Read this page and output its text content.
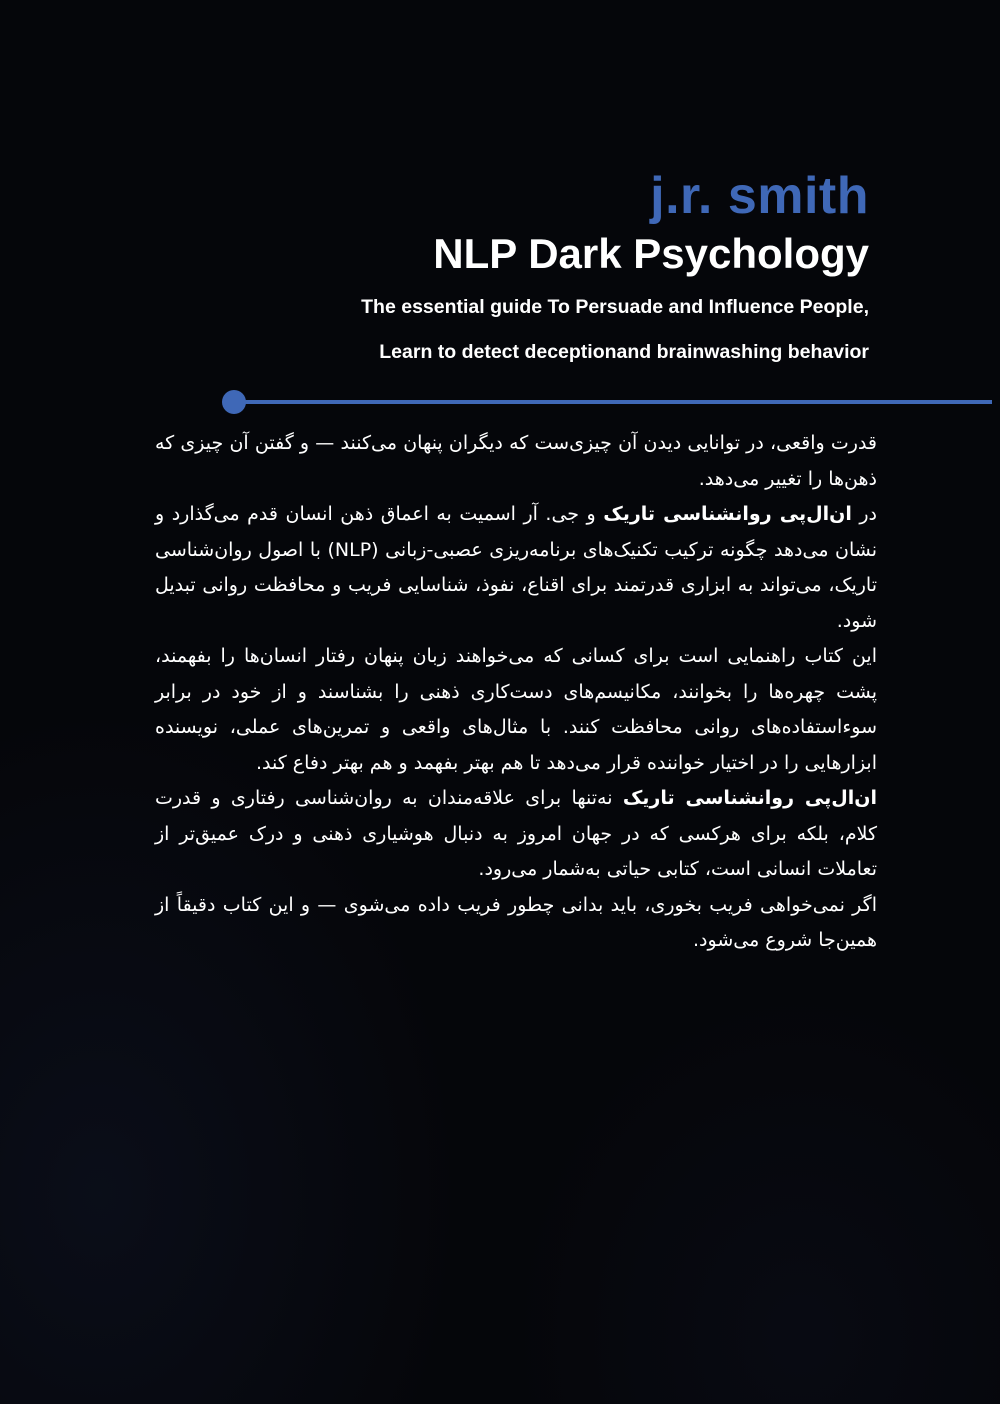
j.r. smith
NLP Dark Psychology
The essential guide To Persuade and Influence People,
Learn to detect deceptionand brainwashing behavior

قدرت واقعی، در توانایی دیدن آن چیزی‌ست که دیگران پنهان می‌کنند — و گفتن آن چیزی که ذهن‌ها را تغییر می‌دهد.

در ان‌ال‌پی روانشناسی تاریک و جی. آر اسمیت به اعماق ذهن انسان قدم می‌گذارد و نشان می‌دهد چگونه ترکیب تکنیک‌های برنامه‌ریزی عصبی-زبانی (NLP) با اصول روان‌شناسی تاریک، می‌تواند به ابزاری قدرتمند برای اقناع، نفوذ، شناسایی فریب و محافظت روانی تبدیل شود.

این کتاب راهنمایی است برای کسانی که می‌خواهند زبان پنهان رفتار انسان‌ها را بفهمند، پشت چهره‌ها را بخوانند، مکانیسم‌های دست‌کاری ذهنی را بشناسند و از خود در برابر سوءاستفاده‌های روانی محافظت کنند. با مثال‌های واقعی و تمرین‌های عملی، نویسنده ابزارهایی را در اختیار خواننده قرار می‌دهد تا هم بهتر بفهمد و هم بهتر دفاع کند.

ان‌ال‌پی روانشناسی تاریک نه‌تنها برای علاقه‌مندان به روان‌شناسی رفتاری و قدرت کلام، بلکه برای هرکسی که در جهان امروز به دنبال هوشیاری ذهنی و درک عمیق‌تر از تعاملات انسانی است، کتابی حیاتی به‌شمار می‌رود.

اگر نمی‌خواهی فریب بخوری، باید بدانی چطور فریب داده می‌شوی — و این کتاب دقیقاً از همین‌جا شروع می‌شود.
